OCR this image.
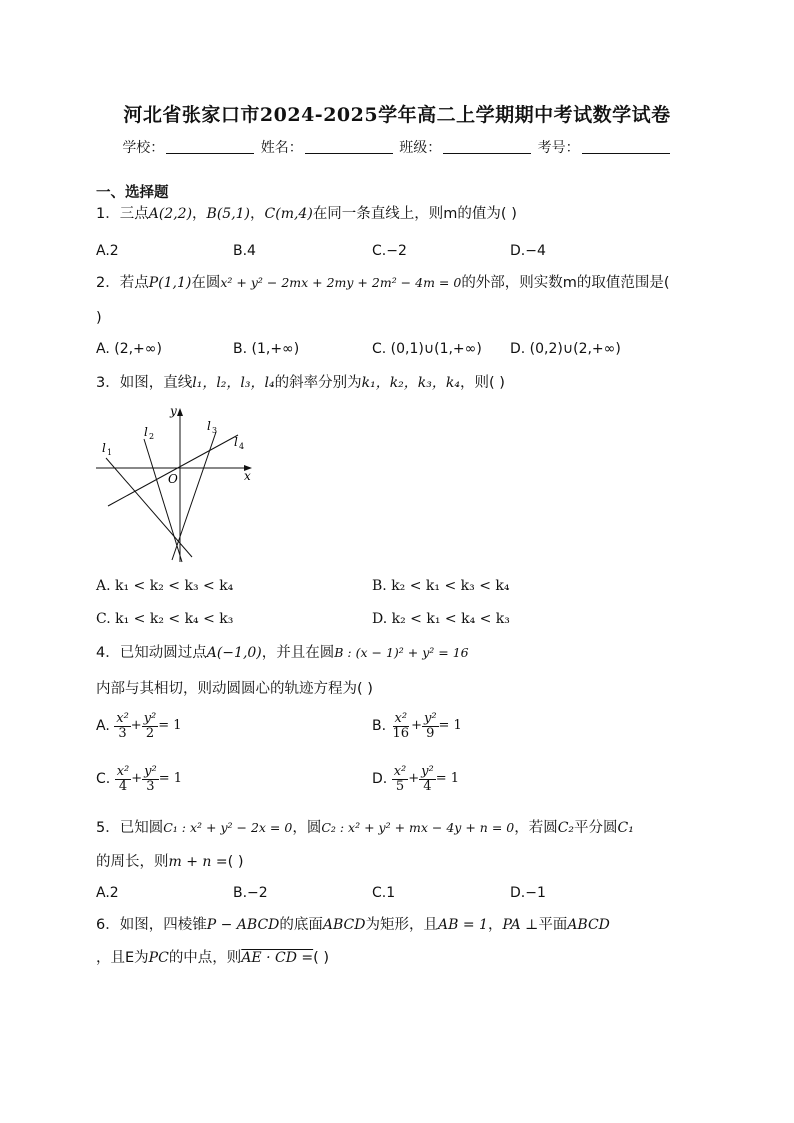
河北省张家口市2024-2025学年高二上学期期中考试数学试卷
学校：	姓名：	班级：	考号：
一、选择题
1．三点A(2,2)，B(5,1)，C(m,4)在同一条直线上，则m的值为( )
A.2	B.4	C.−2	D.−4
2．若点P(1,1)在圆x² + y² − 2mx + 2my + 2m² − 4m = 0的外部，则实数m的取值范围是(
)
A. (2,+∞)	B. (1,+∞)	C. (0,1)∪(1,+∞) D. (0,2)∪(2,+∞)
3．如图，直线l₁，l₂，l₃，l₄的斜率分别为k₁，k₂，k₃，k₄，则( )
y
x
O
l 1
l 2
l 3
l 4
A. k₁ < k₂ < k₃ < k₄	B. k₂ < k₁ < k₃ < k₄
C. k₁ < k₂ < k₄ < k₃	D. k₂ < k₁ < k₄ < k₃
4．已知动圆过点A(−1,0)，并且在圆B : (x − 1)² + y² = 16
内部与其相切，则动圆圆心的轨迹方程为( )
A. $\frac{\text{x²}}{3} + \frac{\text{y²}}{2} = 1$	B. $\frac{\text{x²}}{16} + \frac{\text{y²}}{9} = 1$
C. $\frac{\text{x²}}{4} + \frac{\text{y²}}{3} = 1$	D. $\frac{\text{x²}}{5} + \frac{\text{y²}}{4} = 1$
5．已知圆C₁ : x² + y² − 2x = 0，圆C₂ : x² + y² + mx − 4y + n = 0，若圆C₂平分圆C₁
的周长，则m + n =( )
A.2	B.−2	C.1	D.−1
6．如图，四棱锥P − ABCD的底面ABCD为矩形，且AB = 1，PA ⊥平面ABCD
，且E为PC的中点，则AE · CD =( )
